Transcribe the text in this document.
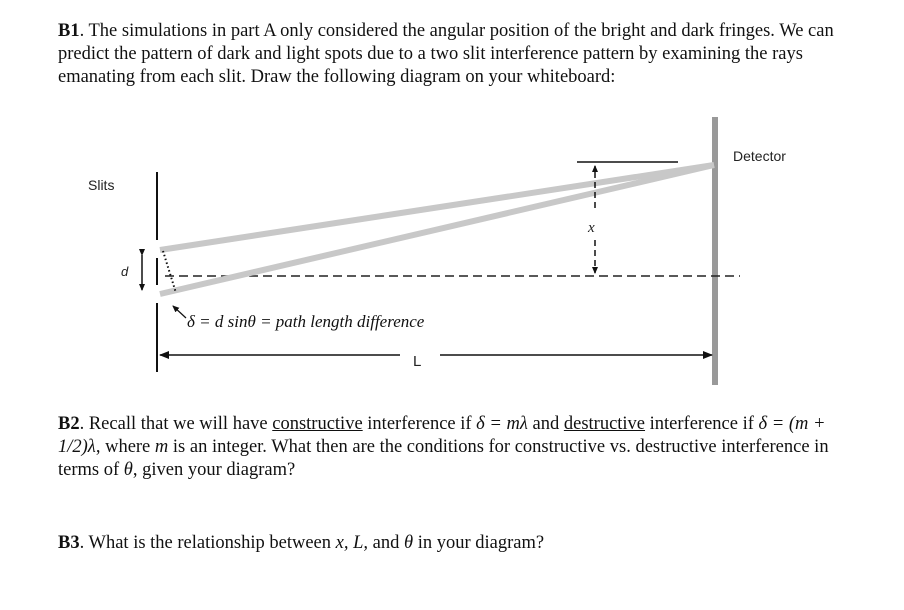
B1. The simulations in part A only considered the angular position of the bright and dark fringes. We can predict the pattern of dark and light spots due to a two slit interference pattern by examining the rays emanating from each slit. Draw the following diagram on your whiteboard:
Slits
Detector
d
x
L
δ = d sinθ = path length difference
B2. Recall that we will have constructive interference if δ = mλ and destructive interference if δ = (m + 1/2)λ, where m is an integer. What then are the conditions for constructive vs. destructive interference in terms of θ, given your diagram?
B3. What is the relationship between x, L, and θ in your diagram?
